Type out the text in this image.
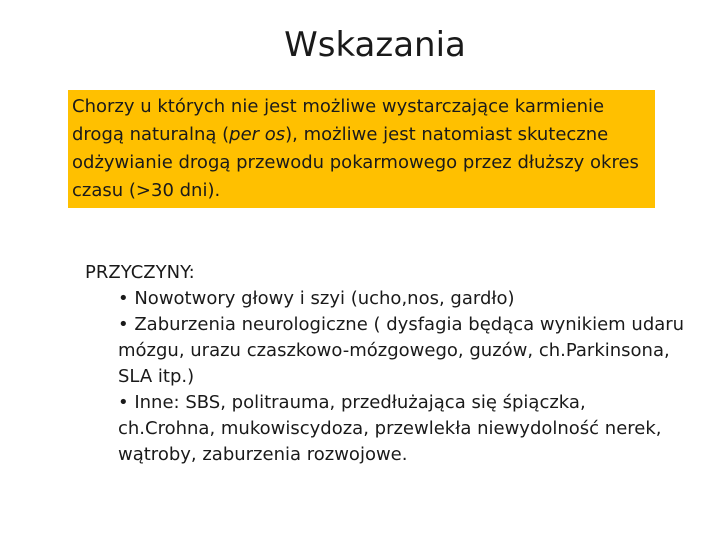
Wskazania
Chorzy u których nie jest możliwe wystarczające karmienie drogą naturalną (per os), możliwe jest natomiast skuteczne odżywianie drogą przewodu pokarmowego przez dłuższy okres czasu (>30 dni).
PRZYCZYNY:
• Nowotwory głowy i szyi (ucho,nos, gardło)
• Zaburzenia neurologiczne ( dysfagia będąca wynikiem udaru mózgu, urazu czaszkowo-mózgowego, guzów, ch.Parkinsona, SLA itp.)
• Inne: SBS, politrauma, przedłużająca się śpiączka, ch.Crohna, mukowiscydoza, przewlekła niewydolność nerek, wątroby, zaburzenia rozwojowe.
